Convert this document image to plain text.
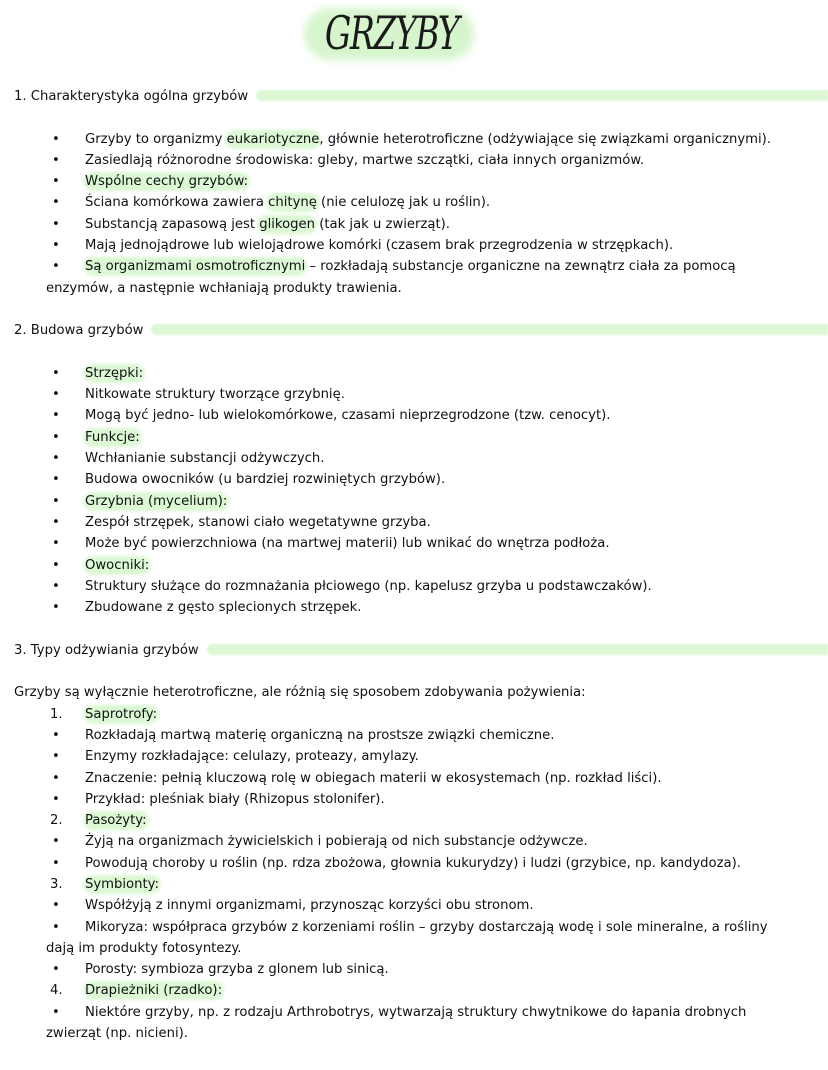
GRZYBY
1. Charakterystyka ogólna grzybów
• Grzyby to organizmy eukariotyczne, głównie heterotroficzne (odżywiające się związkami organicznymi).
• Zasiedlają różnorodne środowiska: gleby, martwe szczątki, ciała innych organizmów.
• Wspólne cechy grzybów:
• Ściana komórkowa zawiera chitynę (nie celulozę jak u roślin).
• Substancją zapasową jest glikogen (tak jak u zwierząt).
• Mają jednojądrowe lub wielojądrowe komórki (czasem brak przegrodzenia w strzępkach).
• Są organizmami osmotroficznymi – rozkładają substancje organiczne na zewnątrz ciała za pomocą
enzymów, a następnie wchłaniają produkty trawienia.
2. Budowa grzybów
• Strzępki:
• Nitkowate struktury tworzące grzybnię.
• Mogą być jedno- lub wielokomórkowe, czasami nieprzegrodzone (tzw. cenocyt).
• Funkcje:
• Wchłanianie substancji odżywczych.
• Budowa owocników (u bardziej rozwiniętych grzybów).
• Grzybnia (mycelium):
• Zespół strzępek, stanowi ciało wegetatywne grzyba.
• Może być powierzchniowa (na martwej materii) lub wnikać do wnętrza podłoża.
• Owocniki:
• Struktury służące do rozmnażania płciowego (np. kapelusz grzyba u podstawczaków).
• Zbudowane z gęsto splecionych strzępek.
3. Typy odżywiania grzybów
Grzyby są wyłącznie heterotroficzne, ale różnią się sposobem zdobywania pożywienia:
1. Saprotrofy:
• Rozkładają martwą materię organiczną na prostsze związki chemiczne.
• Enzymy rozkładające: celulazy, proteazy, amylazy.
• Znaczenie: pełnią kluczową rolę w obiegach materii w ekosystemach (np. rozkład liści).
• Przykład: pleśniak biały (Rhizopus stolonifer).
2. Pasożyty:
• Żyją na organizmach żywicielskich i pobierają od nich substancje odżywcze.
• Powodują choroby u roślin (np. rdza zbożowa, głownia kukurydzy) i ludzi (grzybice, np. kandydoza).
3. Symbionty:
• Współżyją z innymi organizmami, przynosząc korzyści obu stronom.
• Mikoryza: współpraca grzybów z korzeniami roślin – grzyby dostarczają wodę i sole mineralne, a rośliny
dają im produkty fotosyntezy.
• Porosty: symbioza grzyba z glonem lub sinicą.
4. Drapieżniki (rzadko):
• Niektóre grzyby, np. z rodzaju Arthrobotrys, wytwarzają struktury chwytnikowe do łapania drobnych
zwierząt (np. nicieni).
